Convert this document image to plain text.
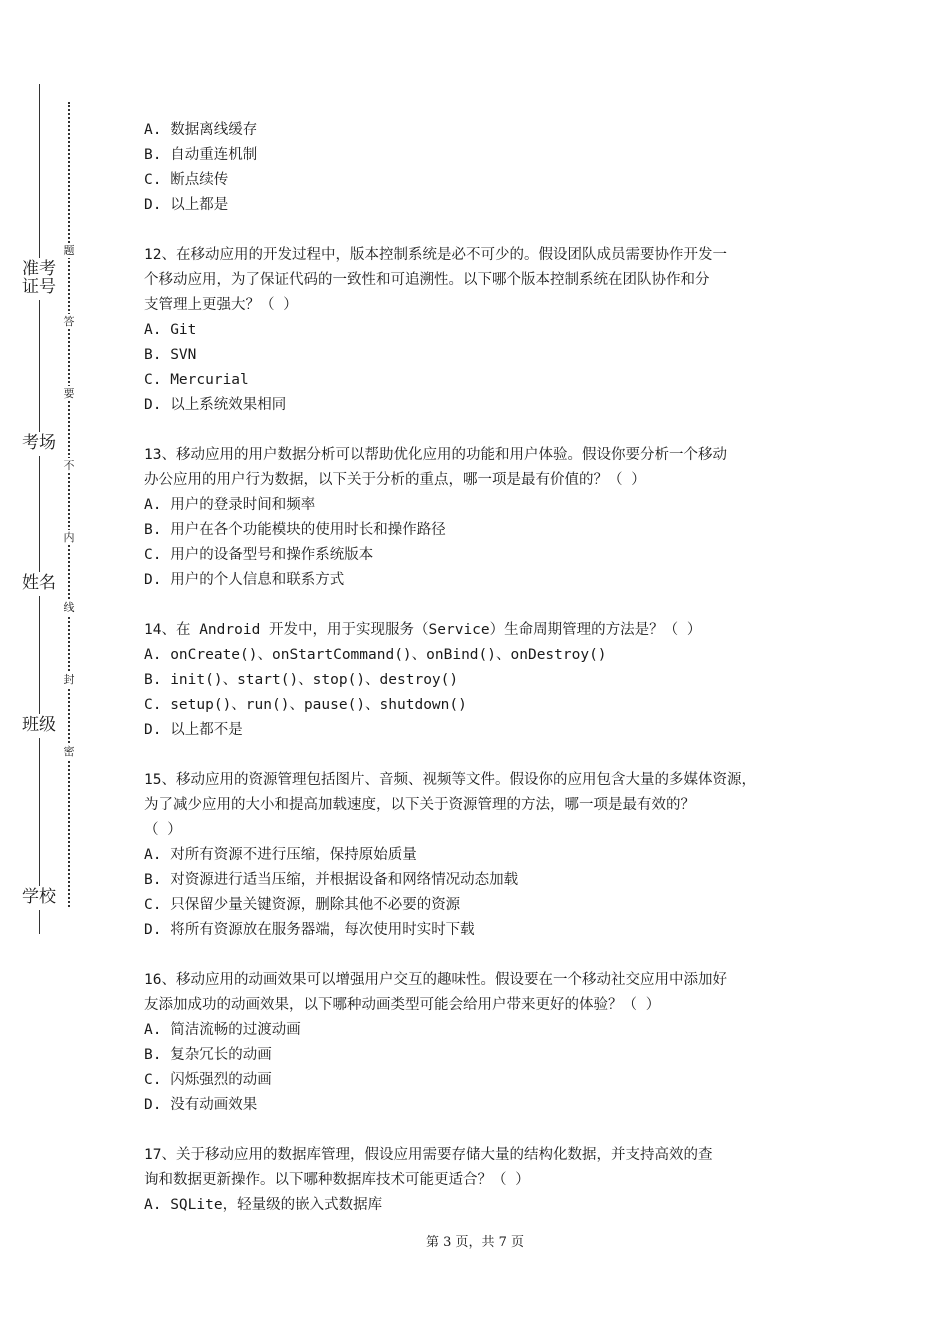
准考证号
考场
姓名
班级
学校
题
答
要
不
内
线
封
密
A. 数据离线缓存
B. 自动重连机制
C. 断点续传
D. 以上都是
12、在移动应用的开发过程中，版本控制系统是必不可少的。假设团队成员需要协作开发一
个移动应用，为了保证代码的一致性和可追溯性。以下哪个版本控制系统在团队协作和分
支管理上更强大？（ ）
A. Git
B. SVN
C. Mercurial
D. 以上系统效果相同
13、移动应用的用户数据分析可以帮助优化应用的功能和用户体验。假设你要分析一个移动
办公应用的用户行为数据，以下关于分析的重点，哪一项是最有价值的？（ ）
A. 用户的登录时间和频率
B. 用户在各个功能模块的使用时长和操作路径
C. 用户的设备型号和操作系统版本
D. 用户的个人信息和联系方式
14、在 Android 开发中，用于实现服务（Service）生命周期管理的方法是？（ ）
A. onCreate()、onStartCommand()、onBind()、onDestroy()
B. init()、start()、stop()、destroy()
C. setup()、run()、pause()、shutdown()
D. 以上都不是
15、移动应用的资源管理包括图片、音频、视频等文件。假设你的应用包含大量的多媒体资源，
为了减少应用的大小和提高加载速度，以下关于资源管理的方法，哪一项是最有效的？
（ ）
A. 对所有资源不进行压缩，保持原始质量
B. 对资源进行适当压缩，并根据设备和网络情况动态加载
C. 只保留少量关键资源，删除其他不必要的资源
D. 将所有资源放在服务器端，每次使用时实时下载
16、移动应用的动画效果可以增强用户交互的趣味性。假设要在一个移动社交应用中添加好
友添加成功的动画效果，以下哪种动画类型可能会给用户带来更好的体验？（ ）
A. 简洁流畅的过渡动画
B. 复杂冗长的动画
C. 闪烁强烈的动画
D. 没有动画效果
17、关于移动应用的数据库管理，假设应用需要存储大量的结构化数据，并支持高效的查
询和数据更新操作。以下哪种数据库技术可能更适合？（ ）
A. SQLite，轻量级的嵌入式数据库
第 3 页，共 7 页
